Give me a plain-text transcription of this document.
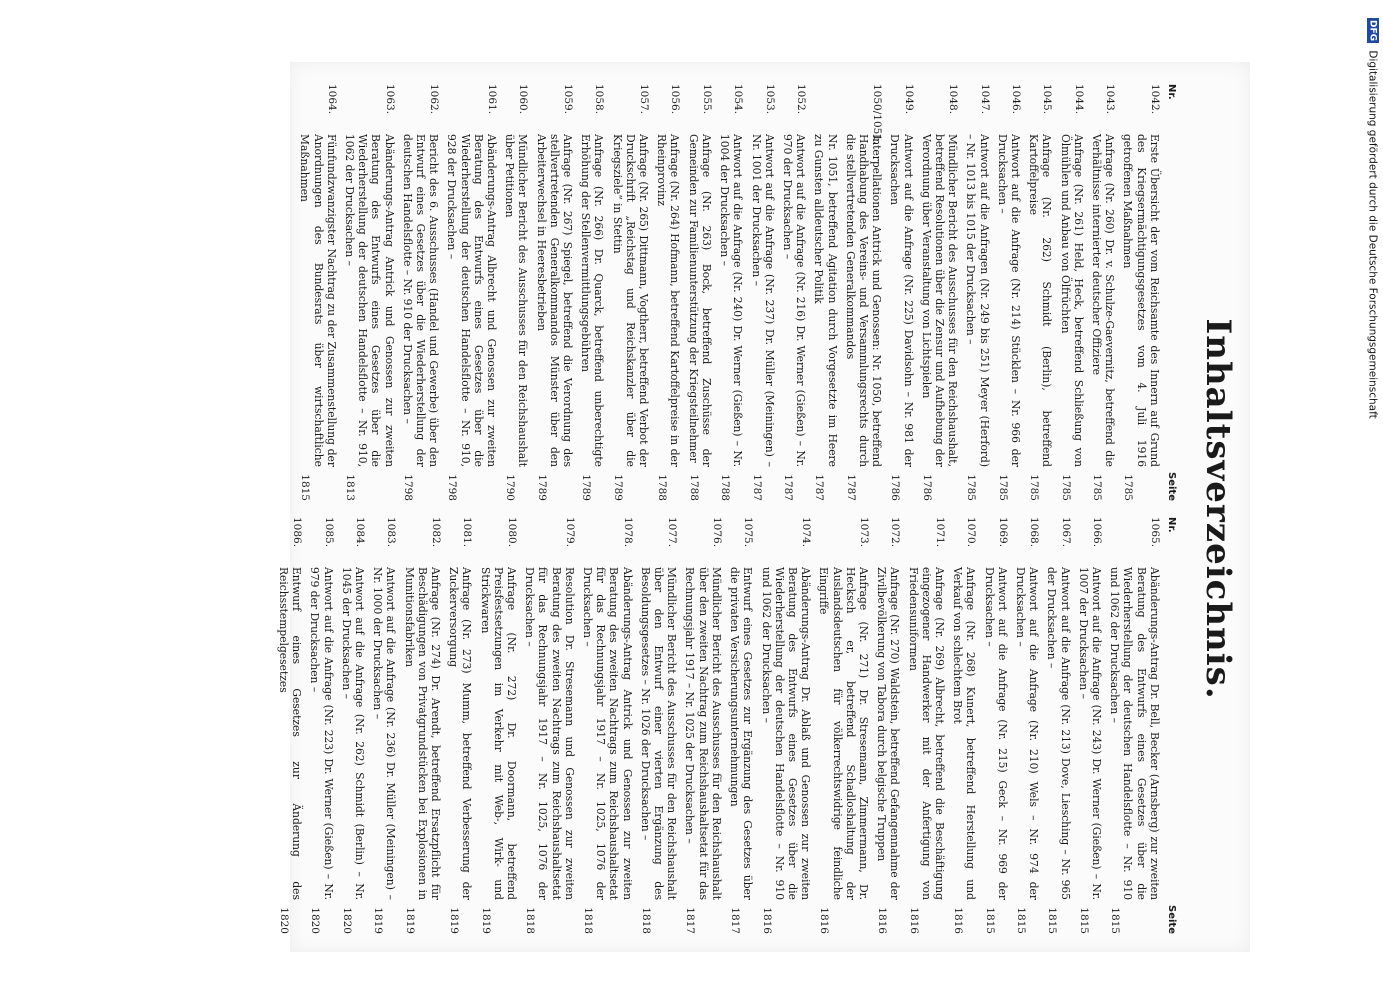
DFG Digitalisierung gefördert durch die Deutsche Forschungsgemeinschaft
Inhaltsverzeichnis.
Nr.
Seite
1042.
Erste Übersicht der vom Reichsamte des Innern auf Grund des Kriegsermächtigungsgesetzes vom 4. Juli 1916 getroffenen Maßnahmen
1785
1043.
Anfrage (Nr. 260) Dr. v. Schulze-Gaevernitz, betreffend die Verhältnisse internierter deutscher Offiziere
1785
1044.
Anfrage (Nr. 261) Held, Heck, betreffend Schließung von Ölmühlen und Anbau von Ölfrüchten
1785
1045.
Anfrage (Nr. 262) Schmidt (Berlin), betreffend Kartoffelpreise
1785
1046.
Antwort auf die Anfrage (Nr. 214) Stücklen – Nr. 966 der Drucksachen –
1785
1047.
Antwort auf die Anfragen (Nr. 249 bis 251) Meyer (Herford) – Nr. 1013 bis 1015 der Drucksachen –
1785
1048.
Mündlicher Bericht des Ausschusses für den Reichshaushalt, betreffend Resolutionen über die Zensur und Aufhebung der Verordnung über Veranstaltung von Lichtspielen
1786
1049.
Antwort auf die Anfrage (Nr. 225) Davidsohn – Nr. 981 der Drucksachen
1786
1050/1051.
Interpellationen Antrick und Genossen: Nr. 1050, betreffend Handhabung des Vereins- und Versammlungsrechts durch die stellvertretenden Generalkommandos
1787
Nr. 1051, betreffend Agitation durch Vorgesetzte im Heere zu Gunsten alldeutscher Politik
1787
1052.
Antwort auf die Anfrage (Nr. 216) Dr. Werner (Gießen) – Nr. 970 der Drucksachen –
1787
1053.
Antwort auf die Anfrage (Nr. 237) Dr. Müller (Meiningen) – Nr. 1001 der Drucksachen –
1787
1054.
Antwort auf die Anfrage (Nr. 240) Dr. Werner (Gießen) – Nr. 1004 der Drucksachen –
1788
1055.
Anfrage (Nr. 263) Bock, betreffend Zuschüsse der Gemeinden zur Familienunterstützung der Kriegsteilnehmer
1788
1056.
Anfrage (Nr. 264) Hofmann, betreffend Kartoffelpreise in der Rheinprovinz
1788
1057.
Anfrage (Nr. 265) Dittmann, Vogtherr, betreffend Verbot der Druckschrift „Reichstag und Reichskanzler über die Kriegsziele“ in Stettin
1789
1058.
Anfrage (Nr. 266) Dr. Quarck, betreffend unberechtigte Erhöhung der Stellenvermittlungsgebühren
1789
1059.
Anfrage (Nr. 267) Spiegel, betreffend die Verordnung des stellvertretenden Generalkommandos Münster über den Arbeiterwechsel in Heeresbetrieben
1789
1060.
Mündlicher Bericht des Ausschusses für den Reichshaushalt über Petitionen
1790
1061.
Abänderungs-Antrag Albrecht und Genossen zur zweiten Beratung des Entwurfs eines Gesetzes über die Wiederherstellung der deutschen Handelsflotte – Nr. 910, 928 der Drucksachen –
1798
1062.
Bericht des 6. Ausschusses (Handel und Gewerbe) über den Entwurf eines Gesetzes über die Wiederherstellung der deutschen Handelsflotte – Nr. 910 der Drucksachen –
1798
1063.
Abänderungs-Antrag Antrick und Genossen zur zweiten Beratung des Entwurfs eines Gesetzes über die Wiederherstellung der deutschen Handelsflotte – Nr. 910, 1062 der Drucksachen –
1813
1064.
Fünfundzwanzigster Nachtrag zu der Zusammenstellung der Anordnungen des Bundesrats über wirtschaftliche Maßnahmen
1815
Nr.
Seite
1065.
Abänderungs-Antrag Dr. Bell, Becker (Arnsberg) zur zweiten Beratung des Entwurfs eines Gesetzes über die Wiederherstellung der deutschen Handelsflotte – Nr. 910 und 1062 der Drucksachen –
1815
1066.
Antwort auf die Anfrage (Nr. 243) Dr. Werner (Gießen) – Nr. 1007 der Drucksachen –
1815
1067.
Antwort auf die Anfrage (Nr. 213) Dove, Liesching – Nr. 965 der Drucksachen –
1815
1068.
Antwort auf die Anfrage (Nr. 210) Wels – Nr. 974 der Drucksachen –
1815
1069.
Antwort auf die Anfrage (Nr. 215) Geck – Nr. 969 der Drucksachen –
1815
1070.
Anfrage (Nr. 268) Kunert, betreffend Herstellung und Verkauf von schlechtem Brot
1816
1071.
Anfrage (Nr. 269) Albrecht, betreffend die Beschäftigung eingezogener Handwerker mit der Anfertigung von Friedensuniformen
1816
1072.
Anfrage (Nr. 270) Waldstein, betreffend Gefangennahme der Zivilbevölkerung von Tabora durch belgische Truppen
1816
1073.
Anfrage (Nr. 271) Dr. Stresemann, Zimmermann, Dr. Hecksch er, betreffend Schadloshaltung der Auslandsdeutschen für völkerrechtswidrige feindliche Eingriffe
1816
1074.
Abänderungs-Antrag Dr. Ablaß und Genossen zur zweiten Beratung des Entwurfs eines Gesetzes über die Wiederherstellung der deutschen Handelsflotte – Nr. 910 und 1062 der Drucksachen –
1816
1075.
Entwurf eines Gesetzes zur Ergänzung des Gesetzes über die privaten Versicherungsunternehmungen
1817
1076.
Mündlicher Bericht des Ausschusses für den Reichshaushalt über den zweiten Nachtrag zum Reichshaushaltsetat für das Rechnungsjahr 1917 – Nr. 1025 der Drucksachen –
1817
1077.
Mündlicher Bericht des Ausschusses für den Reichshaushalt über den Entwurf einer vierten Ergänzung des Besoldungsgesetzes – Nr. 1026 der Drucksachen –
1818
1078.
Abänderungs-Antrag Antrick und Genossen zur zweiten Beratung des zweiten Nachtrags zum Reichshaushaltsetat für das Rechnungsjahr 1917 – Nr. 1025, 1076 der Drucksachen –
1818
1079.
Resolution Dr. Stresemann und Genossen zur zweiten Beratung des zweiten Nachtrags zum Reichshaushaltsetat für das Rechnungsjahr 1917 – Nr. 1025, 1076 der Drucksachen –
1818
1080.
Anfrage (Nr. 272) Dr. Doormann, betreffend Preisfestsetzungen im Verkehr mit Web-, Wirk- und Strickwaren
1819
1081.
Anfrage (Nr. 273) Mumm, betreffend Verbesserung der Zuckerversorgung
1819
1082.
Anfrage (Nr. 274) Dr. Arendt, betreffend Ersatzpflicht für Beschädigungen von Privatgrundstücken bei Explosionen in Munitionsfabriken
1819
1083.
Antwort auf die Anfrage (Nr. 236) Dr. Müller (Meiningen) – Nr. 1000 der Drucksachen –
1819
1084.
Antwort auf die Anfrage (Nr. 262) Schmidt (Berlin) – Nr. 1045 der Drucksachen –
1820
1085.
Antwort auf die Anfrage (Nr. 223) Dr. Werner (Gießen) – Nr. 979 der Drucksachen –
1820
1086.
Entwurf eines Gesetzes zur Änderung des Reichsstempelgesetzes
1820
